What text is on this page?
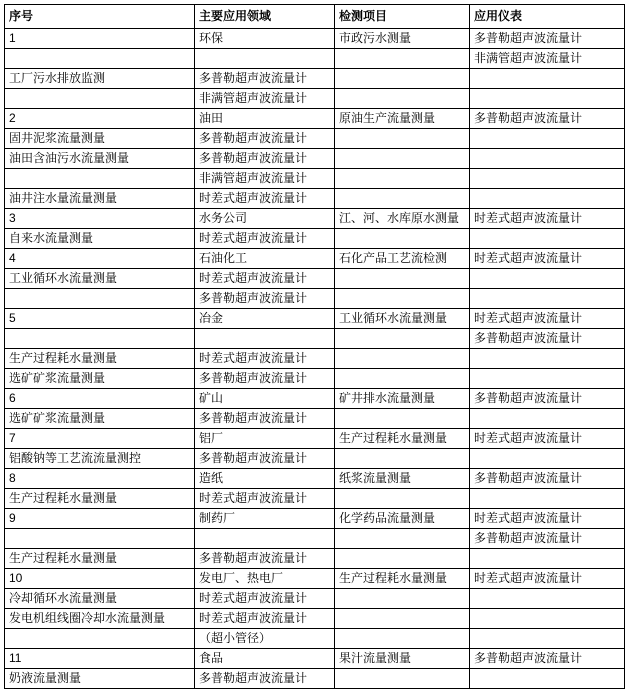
序号	主要应用领域	检测项目	应用仪表
1	环保	市政污水测量	多普勒超声波流量计
			非满管超声波流量计
工厂污水排放监测	多普勒超声波流量计		
	非满管超声波流量计		
2	油田	原油生产流量测量	多普勒超声波流量计
固井泥浆流量测量	多普勒超声波流量计		
油田含油污水流量测量	多普勒超声波流量计		
	非满管超声波流量计		
油井注水量流量测量	时差式超声波流量计		
3	水务公司	江、河、水库原水测量	时差式超声波流量计
自来水流量测量	时差式超声波流量计		
4	石油化工	石化产品工艺流检测	时差式超声波流量计
工业循环水流量测量	时差式超声波流量计		
	多普勒超声波流量计		
5	冶金	工业循环水流量测量	时差式超声波流量计
			多普勒超声波流量计
生产过程耗水量测量	时差式超声波流量计		
选矿矿浆流量测量	多普勒超声波流量计		
6	矿山	矿井排水流量测量	多普勒超声波流量计
选矿矿浆流量测量	多普勒超声波流量计		
7	铝厂	生产过程耗水量测量	时差式超声波流量计
铝酸钠等工艺流流量测控	多普勒超声波流量计		
8	造纸	纸浆流量测量	多普勒超声波流量计
生产过程耗水量测量	时差式超声波流量计		
9	制药厂	化学药品流量测量	时差式超声波流量计
			多普勒超声波流量计
生产过程耗水量测量	多普勒超声波流量计		
10	发电厂、热电厂	生产过程耗水量测量	时差式超声波流量计
冷却循环水流量测量	时差式超声波流量计		
发电机组线圈冷却水流量测量	时差式超声波流量计		
	（超小管径）		
11	食品	果汁流量测量	多普勒超声波流量计
奶液流量测量	多普勒超声波流量计		
